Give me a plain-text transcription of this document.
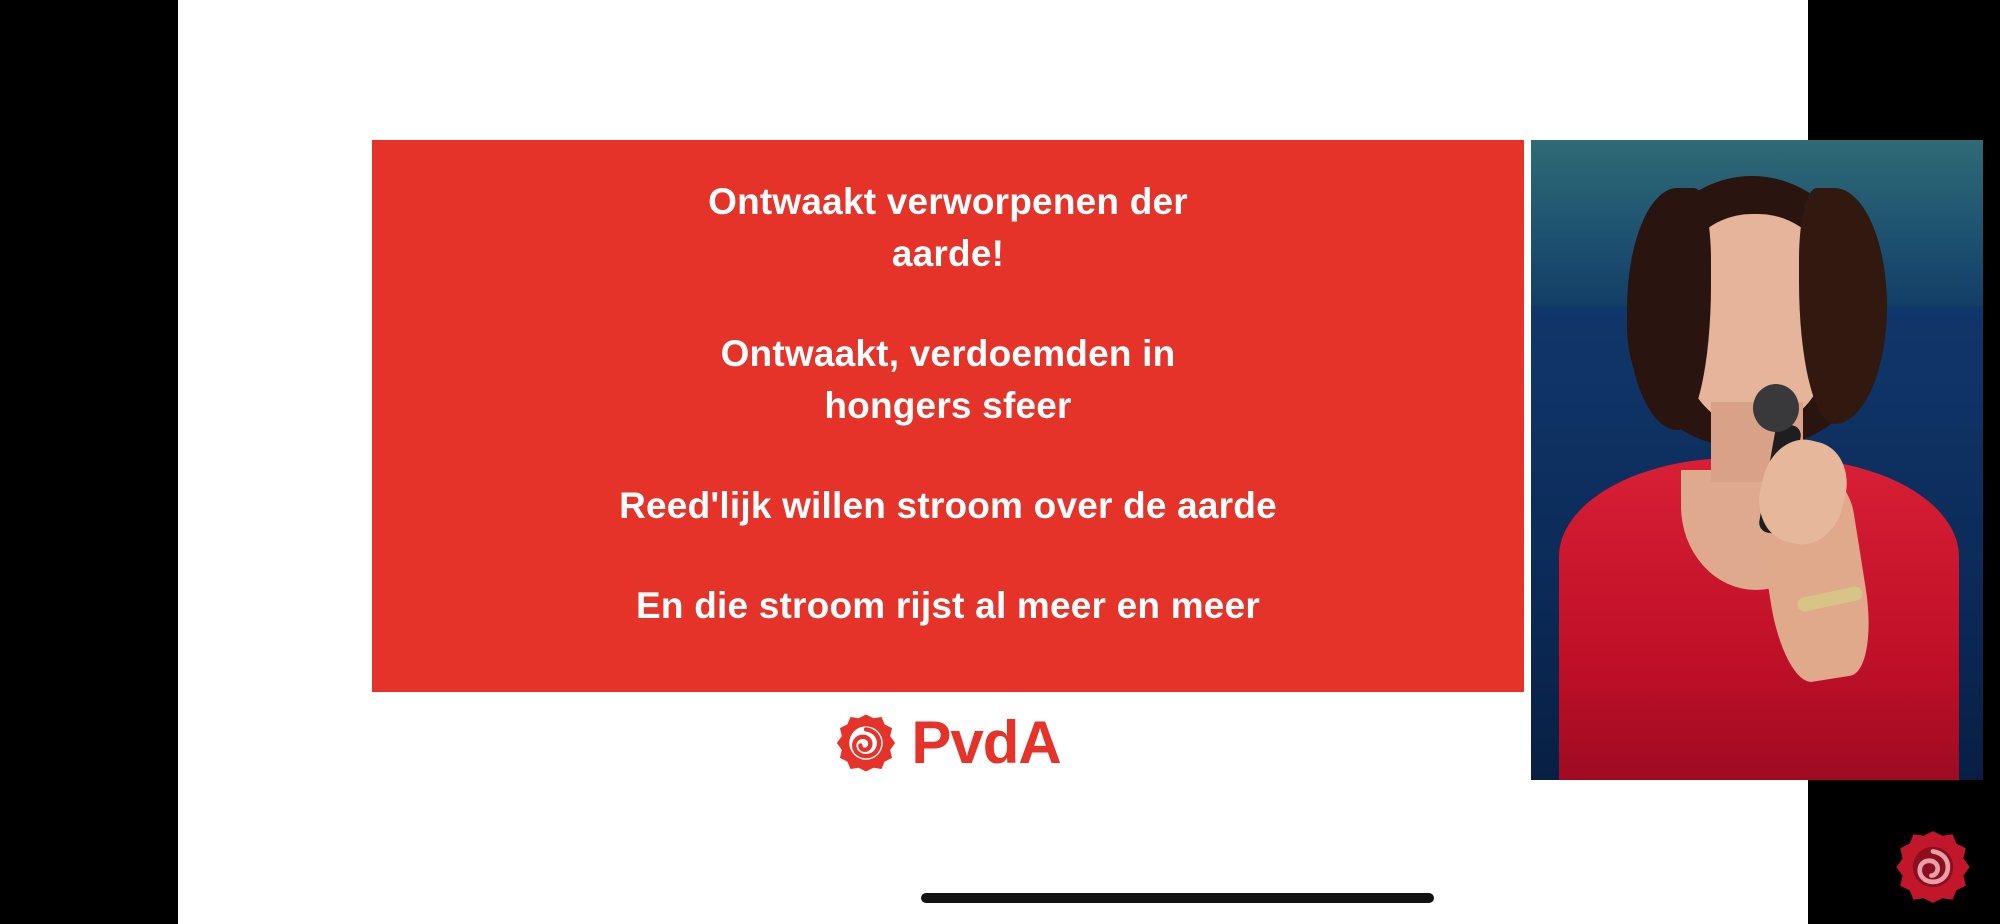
Ontwaakt verworpenen der
aarde!
Ontwaakt, verdoemden in
hongers sfeer
Reed'lijk willen stroom over de aarde
En die stroom rijst al meer en meer
PvdA
